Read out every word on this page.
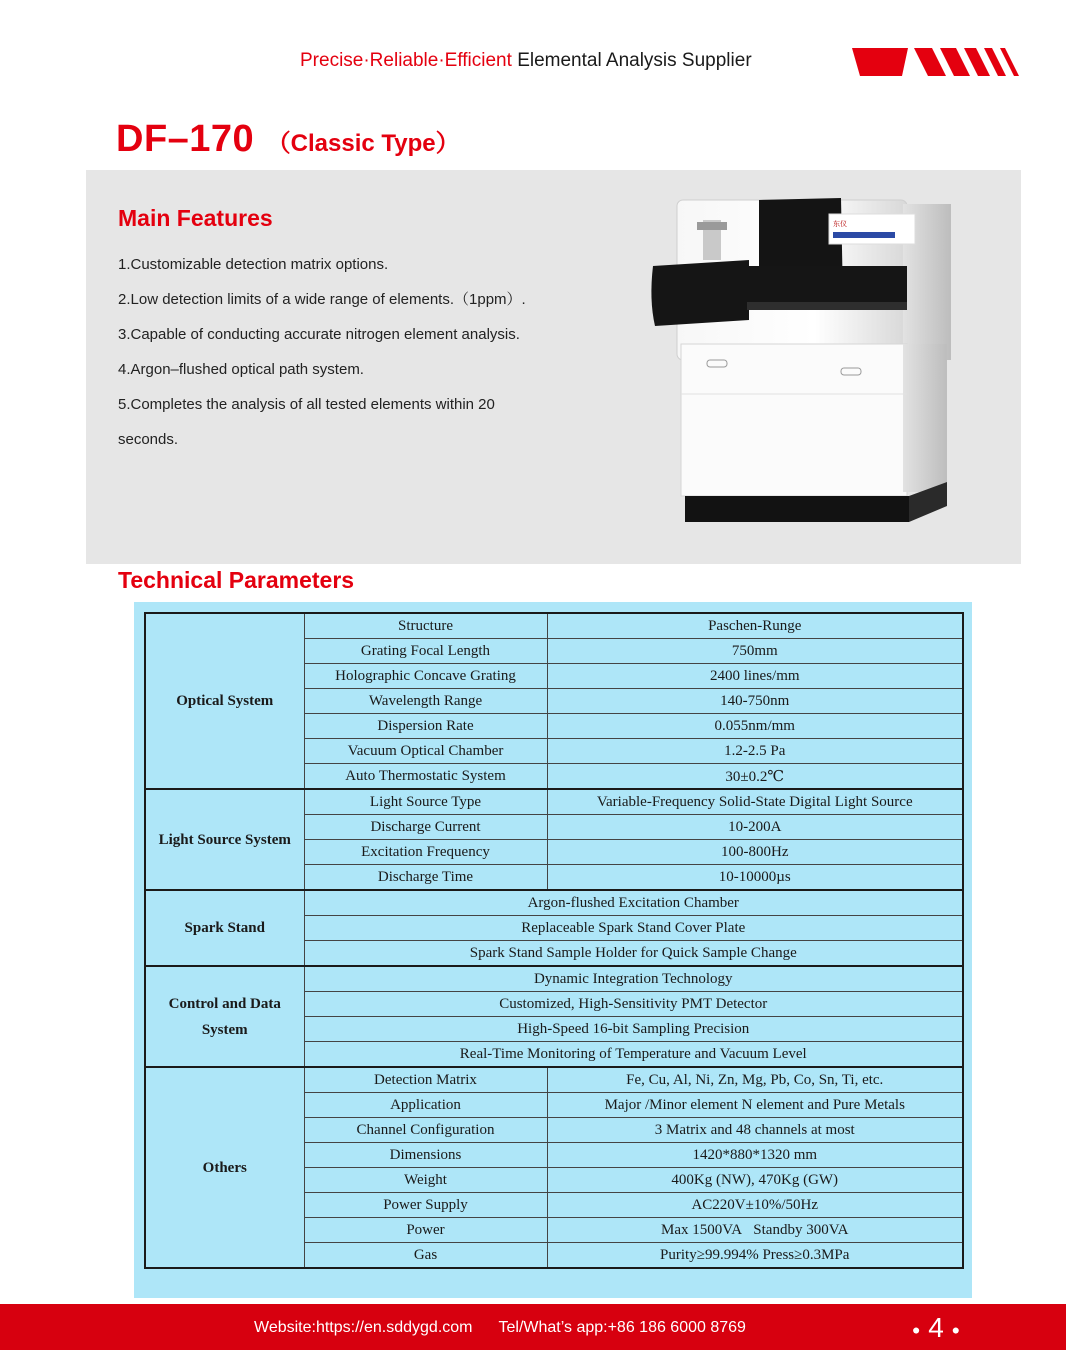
Precise·Reliable·Efficient Elemental Analysis Supplier
DF–170 （Classic Type）
Main Features
1.Customizable detection matrix options.
2.Low detection limits of a wide range of elements.（1ppm）.
3.Capable of conducting accurate nitrogen element analysis.
4.Argon–flushed optical path system.
5.Completes the analysis of all tested elements within 20
seconds.
东仪
Technical Parameters
Optical System	Structure	Paschen-Runge
	Grating Focal Length	750mm
	Holographic Concave Grating	2400 lines/mm
	Wavelength Range	140-750nm
	Dispersion Rate	0.055nm/mm
	Vacuum Optical Chamber	1.2-2.5 Pa
	Auto Thermostatic System	30±0.2℃
Light Source System	Light Source Type	Variable-Frequency Solid-State Digital Light Source
	Discharge Current	10-200A
	Excitation Frequency	100-800Hz
	Discharge Time	10-10000µs
Spark Stand	Argon-flushed Excitation Chamber	
	Replaceable Spark Stand Cover Plate	
	Spark Stand Sample Holder for Quick Sample Change	
Control and Data System	Dynamic Integration Technology	
	Customized, High-Sensitivity PMT Detector	
	High-Speed 16-bit Sampling Precision	
	Real-Time Monitoring of Temperature and Vacuum Level	
Others	Detection Matrix	Fe, Cu, Al, Ni, Zn, Mg, Pb, Co, Sn, Ti, etc.
	Application	Major /Minor element N element and Pure Metals
	Channel Configuration	3 Matrix and 48 channels at most
	Dimensions	1420*880*1320 mm
	Weight	400Kg (NW), 470Kg (GW)
	Power Supply	AC220V±10%/50Hz
	Power	Max 1500VA   Standby 300VA
	Gas	Purity≥99.994% Press≥0.3MPa
Website:https://en.sddygd.com Tel/What’s app:+86 186 6000 8769	● 4 ●
